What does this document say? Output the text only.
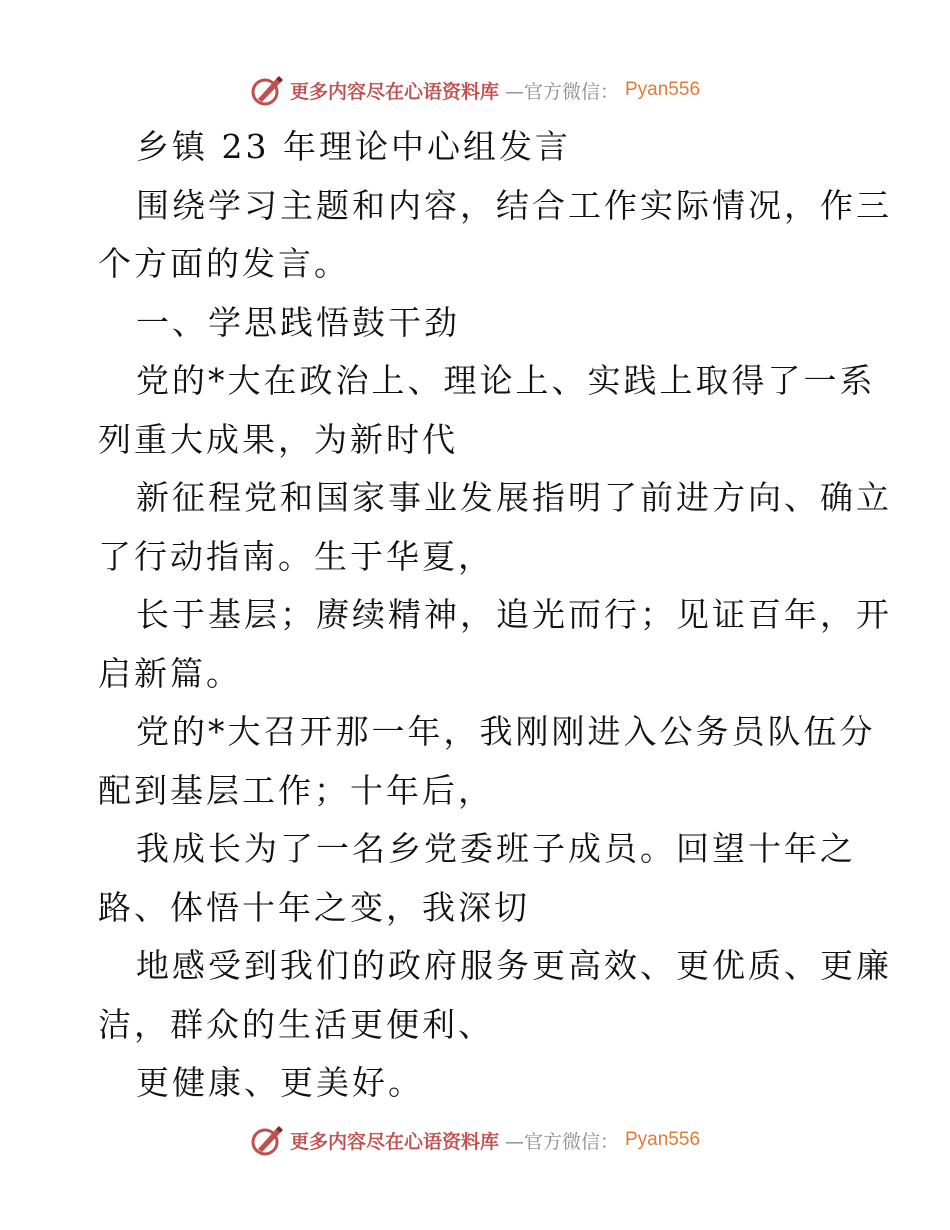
更多内容尽在心语资料库 —官方微信： Pyan556
乡镇 23 年理论中心组发言
围绕学习主题和内容，结合工作实际情况，作三
个方面的发言。
一、学思践悟鼓干劲
党的*大在政治上、理论上、实践上取得了一系
列重大成果，为新时代
新征程党和国家事业发展指明了前进方向、确立
了行动指南。生于华夏，
长于基层；赓续精神，追光而行；见证百年，开
启新篇。
党的*大召开那一年，我刚刚进入公务员队伍分
配到基层工作；十年后，
我成长为了一名乡党委班子成员。回望十年之
路、体悟十年之变，我深切
地感受到我们的政府服务更高效、更优质、更廉
洁，群众的生活更便利、
更健康、更美好。
更多内容尽在心语资料库 —官方微信： Pyan556
